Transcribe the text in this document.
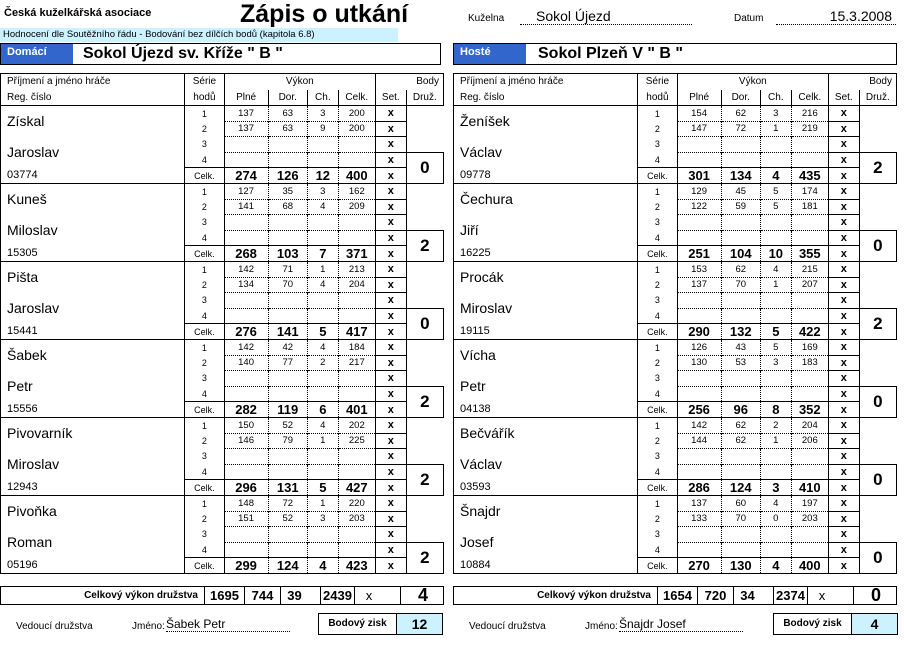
Česká kuželkářská asociace	Zápis o utkání
Hodnocení dle Soutěžního řádu - Bodování bez dílčích bodů (kapitola 6.8)
Kuželna	Sokol Újezd	Datum	15.3.2008
Domácí	Sokol Újezd sv. Kříže " B "	Hosté	Sokol Plzeň V " B "
Příjmení a jméno hráče	Série	Výkon				Body	
Reg. číslo	hodů	Plné	Dor.	Ch.	Celk.	Set.	Druž.
Získal	1	137	63	3	200	x	
	2	137	63	9	200	x	
Jaroslav	3					x	
	4					x	0
03774	Celk.	274	126	12	400	x	
Kuneš	1	127	35	3	162	x	
	2	141	68	4	209	x	
Miloslav	3					x	
	4					x	2
15305	Celk.	268	103	7	371	x	
Pišta	1	142	71	1	213	x	
	2	134	70	4	204	x	
Jaroslav	3					x	
	4					x	0
15441	Celk.	276	141	5	417	x	
Šabek	1	142	42	4	184	x	
	2	140	77	2	217	x	
Petr	3					x	
	4					x	2
15556	Celk.	282	119	6	401	x	
Pivovarník	1	150	52	4	202	x	
	2	146	79	1	225	x	
Miroslav	3					x	
	4					x	2
12943	Celk.	296	131	5	427	x	
Pivoňka	1	148	72	1	220	x	
	2	151	52	3	203	x	
Roman	3					x	
	4					x	2
05196	Celk.	299	124	4	423	x	
Příjmení a jméno hráče	Série	Výkon				Body	
Reg. číslo	hodů	Plné	Dor.	Ch.	Celk.	Set.	Druž.
Ženíšek	1	154	62	3	216	x	
	2	147	72	1	219	x	
Václav	3					x	
	4					x	2
09778	Celk.	301	134	4	435	x	
Čechura	1	129	45	5	174	x	
	2	122	59	5	181	x	
Jiří	3					x	
	4					x	0
16225	Celk.	251	104	10	355	x	
Procák	1	153	62	4	215	x	
	2	137	70	1	207	x	
Miroslav	3					x	
	4					x	2
19115	Celk.	290	132	5	422	x	
Vícha	1	126	43	5	169	x	
	2	130	53	3	183	x	
Petr	3					x	
	4					x	0
04138	Celk.	256	96	8	352	x	
Bečvářík	1	142	62	2	204	x	
	2	144	62	1	206	x	
Václav	3					x	
	4					x	0
03593	Celk.	286	124	3	410	x	
Šnajdr	1	137	60	4	197	x	
	2	133	70	0	203	x	
Josef	3					x	
	4					x	0
10884	Celk.	270	130	4	400	x	
Celkový výkon družstva 1695 744	39	2439	x	4
Vedoucí družstva	Jméno: Šabek Petr	Bodový zisk	12
Celkový výkon družstva 1654 720	34	2374	x	0
Vedoucí družstva	Jméno: Šnajdr Josef	Bodový zisk	4
